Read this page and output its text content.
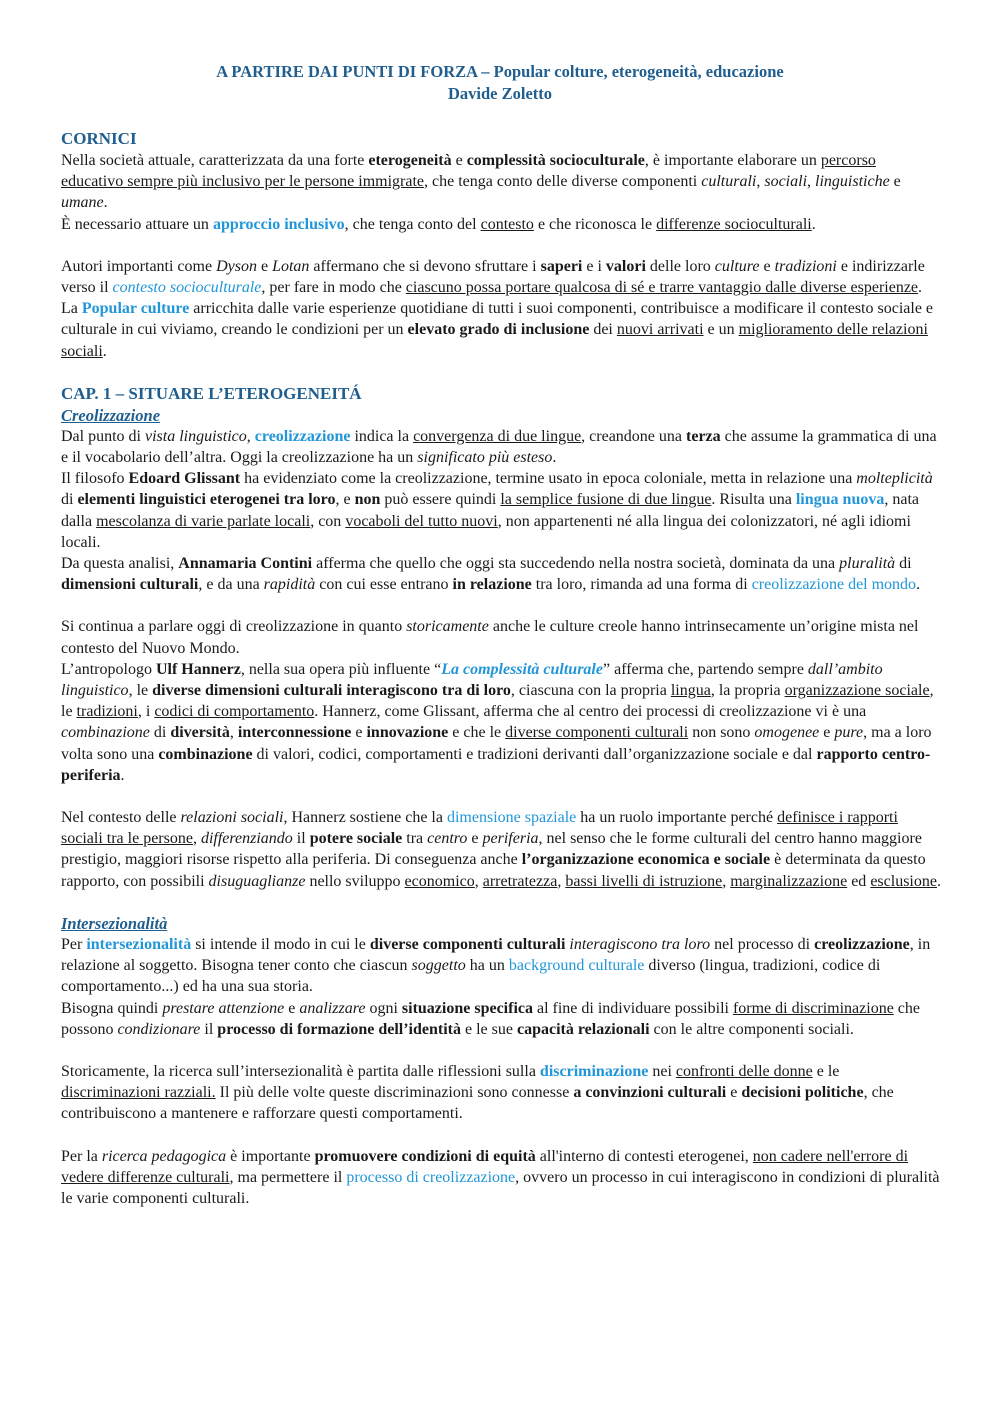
A PARTIRE DAI PUNTI DI FORZA – Popular colture, eterogeneità, educazione
Davide Zoletto
CORNICI

Nella società attuale, caratterizzata da una forte eterogeneità e complessità socioculturale, è importante elaborare un percorso educativo sempre più inclusivo per le persone immigrate, che tenga conto delle diverse componenti culturali, sociali, linguistiche e umane.

È necessario attuare un approccio inclusivo, che tenga conto del contesto e che riconosca le differenze socioculturali.

Autori importanti come Dyson e Lotan affermano che si devono sfruttare i saperi e i valori delle loro culture e tradizioni e indirizzarle verso il contesto socioculturale, per fare in modo che ciascuno possa portare qualcosa di sé e trarre vantaggio dalle diverse esperienze. La Popular culture arricchita dalle varie esperienze quotidiane di tutti i suoi componenti, contribuisce a modificare il contesto sociale e culturale in cui viviamo, creando le condizioni per un elevato grado di inclusione dei nuovi arrivati e un miglioramento delle relazioni sociali.

CAP. 1 – SITUARE L’ETEROGENEITÁ
Creolizzazione

Dal punto di vista linguistico, creolizzazione indica la convergenza di due lingue, creandone una terza che assume la grammatica di una e il vocabolario dell’altra. Oggi la creolizzazione ha un significato più esteso.

Il filosofo Edoard Glissant ha evidenziato come la creolizzazione, termine usato in epoca coloniale, metta in relazione una molteplicità di elementi linguistici eterogenei tra loro, e non può essere quindi la semplice fusione di due lingue. Risulta una lingua nuova, nata dalla mescolanza di varie parlate locali, con vocaboli del tutto nuovi, non appartenenti né alla lingua dei colonizzatori, né agli idiomi locali.

Da questa analisi, Annamaria Contini afferma che quello che oggi sta succedendo nella nostra società, dominata da una pluralità di dimensioni culturali, e da una rapidità con cui esse entrano in relazione tra loro, rimanda ad una forma di creolizzazione del mondo.

Si continua a parlare oggi di creolizzazione in quanto storicamente anche le culture creole hanno intrinsecamente un’origine mista nel contesto del Nuovo Mondo.

L’antropologo Ulf Hannerz, nella sua opera più influente “La complessità culturale” afferma che, partendo sempre dall’ambito linguistico, le diverse dimensioni culturali interagiscono tra di loro, ciascuna con la propria lingua, la propria organizzazione sociale, le tradizioni, i codici di comportamento. Hannerz, come Glissant, afferma che al centro dei processi di creolizzazione vi è una combinazione di diversità, interconnessione e innovazione e che le diverse componenti culturali non sono omogenee e pure, ma a loro volta sono una combinazione di valori, codici, comportamenti e tradizioni derivanti dall’organizzazione sociale e dal rapporto centro-periferia.

Nel contesto delle relazioni sociali, Hannerz sostiene che la dimensione spaziale ha un ruolo importante perché definisce i rapporti sociali tra le persone, differenziando il potere sociale tra centro e periferia, nel senso che le forme culturali del centro hanno maggiore prestigio, maggiori risorse rispetto alla periferia. Di conseguenza anche l’organizzazione economica e sociale è determinata da questo rapporto, con possibili disuguaglianze nello sviluppo economico, arretratezza, bassi livelli di istruzione, marginalizzazione ed esclusione.

Intersezionalità

Per intersezionalità si intende il modo in cui le diverse componenti culturali interagiscono tra loro nel processo di creolizzazione, in relazione al soggetto. Bisogna tener conto che ciascun soggetto ha un background culturale diverso (lingua, tradizioni, codice di comportamento...) ed ha una sua storia.

Bisogna quindi prestare attenzione e analizzare ogni situazione specifica al fine di individuare possibili forme di discriminazione che possono condizionare il processo di formazione dell’identità e le sue capacità relazionali con le altre componenti sociali.

Storicamente, la ricerca sull’intersezionalità è partita dalle riflessioni sulla discriminazione nei confronti delle donne e le discriminazioni razziali. Il più delle volte queste discriminazioni sono connesse a convinzioni culturali e decisioni politiche, che contribuiscono a mantenere e rafforzare questi comportamenti.

Per la ricerca pedagogica è importante promuovere condizioni di equità all'interno di contesti eterogenei, non cadere nell'errore di vedere differenze culturali, ma permettere il processo di creolizzazione, ovvero un processo in cui interagiscono in condizioni di pluralità le varie componenti culturali.
